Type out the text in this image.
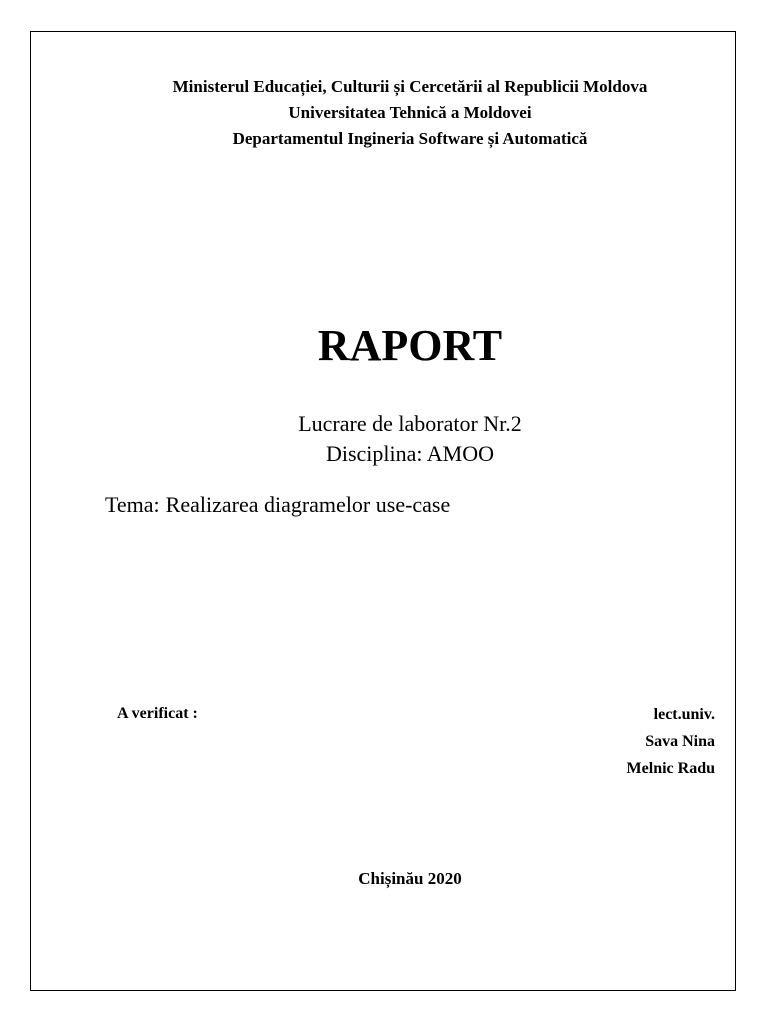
Ministerul Educației, Culturii și Cercetării al Republicii Moldova
Universitatea Tehnică a Moldovei
Departamentul Ingineria Software și Automatică
RAPORT
Lucrare de laborator Nr.2
Disciplina: AMOO
Tema: Realizarea diagramelor use-case
A verificat :	lect.univ.
Sava Nina
Melnic Radu
Chișinău 2020
